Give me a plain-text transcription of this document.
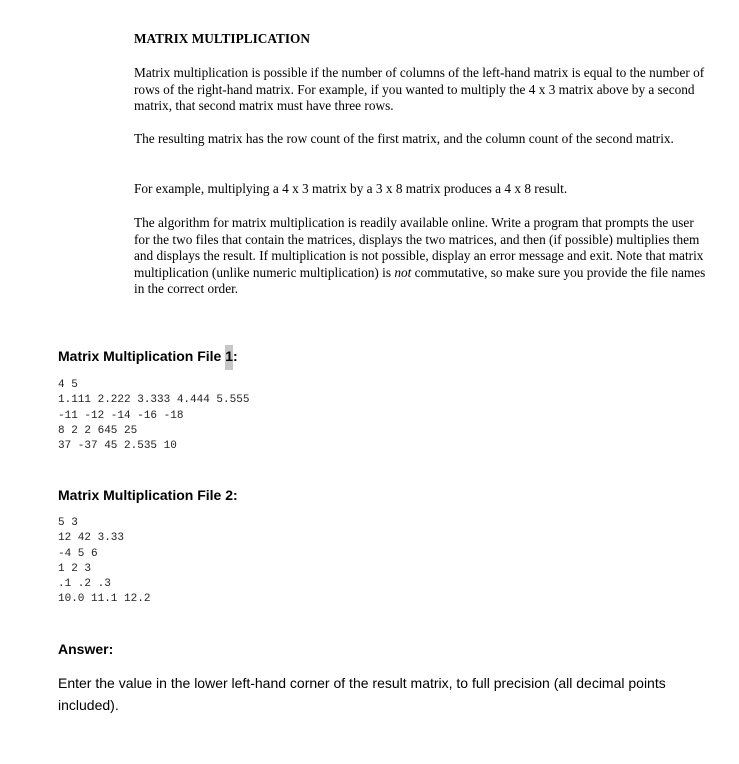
MATRIX MULTIPLICATION

Matrix multiplication is possible if the number of columns of the left-hand matrix is equal to the number of rows of the right-hand matrix. For example, if you wanted to multiply the 4 x 3 matrix above by a second matrix, that second matrix must have three rows.

The resulting matrix has the row count of the first matrix, and the column count of the second matrix.

For example, multiplying a 4 x 3 matrix by a 3 x 8 matrix produces a 4 x 8 result.

The algorithm for matrix multiplication is readily available online. Write a program that prompts the user for the two files that contain the matrices, displays the two matrices, and then (if possible) multiplies them and displays the result. If multiplication is not possible, display an error message and exit. Note that matrix multiplication (unlike numeric multiplication) is not commutative, so make sure you provide the file names in the correct order.

Matrix Multiplication File 1:
4 5
1.111 2.222 3.333 4.444 5.555
-11 -12 -14 -16 -18
8 2 2 645 25
37 -37 45 2.535 10
Matrix Multiplication File 2:
5 3
12 42 3.33
-4 5 6
1 2 3
.1 .2 .3
10.0 11.1 12.2
Answer:

Enter the value in the lower left-hand corner of the result matrix, to full precision (all decimal points included).
